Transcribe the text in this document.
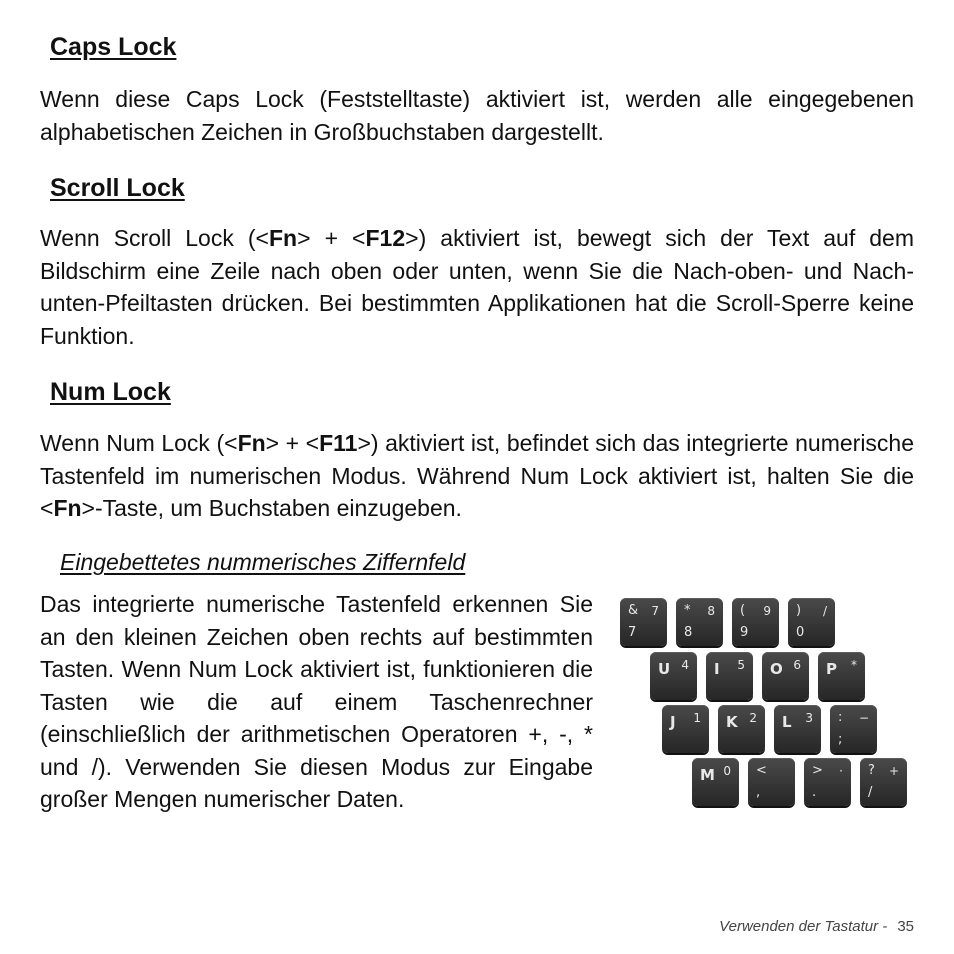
Caps Lock

Wenn diese Caps Lock (Feststelltaste) aktiviert ist, werden alle eingegebenen alphabetischen Zeichen in Großbuchstaben dargestellt.

Scroll Lock

Wenn Scroll Lock (<Fn> + <F12>) aktiviert ist, bewegt sich der Text auf dem Bildschirm eine Zeile nach oben oder unten, wenn Sie die Nach-oben- und Nach-unten-Pfeiltasten drücken. Bei bestimmten Applikationen hat die Scroll-Sperre keine Funktion.

Num Lock

Wenn Num Lock (<Fn> + <F11>) aktiviert ist, befindet sich das integrierte numerische Tastenfeld im numerischen Modus. Während Num Lock aktiviert ist, halten Sie die <Fn>-Taste, um Buchstaben einzugeben.

Eingebettetes nummerisches Ziffernfeld

Das integrierte numerische Tastenfeld erkennen Sie an den kleinen Zeichen oben rechts auf bestimmten Tasten. Wenn Num Lock aktiviert ist, funktionieren die Tasten wie die auf einem Taschenrechner (einschließlich der arithmetischen Operatoren +, -, * und /). Verwenden Sie diesen Modus zur Eingabe großer Mengen numerischer Daten.

&
7
7 *
8
8 (
9
9 )
0
/
U 4 I 5 O 6 P *
J 1 K 2 L 3 :
;
−
M 0 <
,
>
.
· ?
/
+
Verwenden der Tastatur - 35
